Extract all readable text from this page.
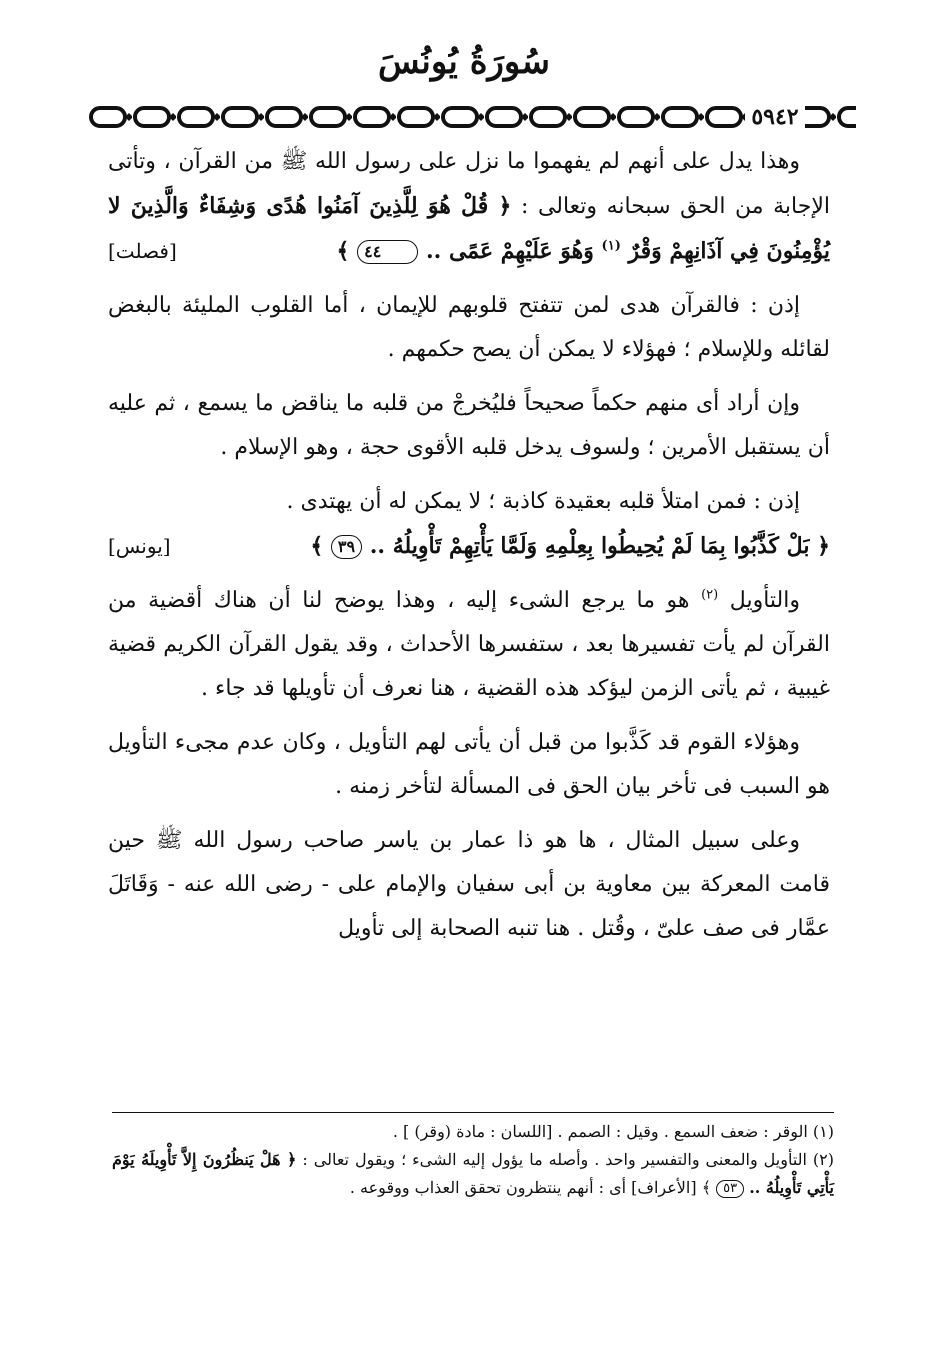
سُورَةُ يُونُسَ
٥٩٤٢

وهذا يدل على أنهم لم يفهموا ما نزل على رسول الله ﷺ من القرآن ، وتأتى الإجابة من الحق سبحانه وتعالى : ﴿ قُلْ هُوَ لِلَّذِينَ آمَنُوا هُدًى وَشِفَاءٌ وَالَّذِينَ لا يُؤْمِنُونَ فِي آذَانِهِمْ وَقْرٌ $^{(١)}$ وَهُوَ عَلَيْهِمْ عَمًى .. ٤٤ ﴾
[فصلت]

إذن : فالقرآن هدى لمن تتفتح قلوبهم للإيمان ، أما القلوب المليئة بالبغض لقائله وللإسلام ؛ فهؤلاء لا يمكن أن يصح حكمهم .

وإن أراد أى منهم حكماً صحيحاً فليُخرجْ من قلبه ما يناقض ما يسمع ، ثم عليه أن يستقبل الأمرين ؛ ولسوف يدخل قلبه الأقوى حجة ، وهو الإسلام .

إذن : فمن امتلأ قلبه بعقيدة كاذبة ؛ لا يمكن له أن يهتدى .

﴿ بَلْ كَذَّبُوا بِمَا لَمْ يُحِيطُوا بِعِلْمِهِ وَلَمَّا يَأْتِهِمْ تَأْوِيلُهُ .. ٣٩ ﴾
[يونس]

والتأويل $^{(٢)}$ هو ما يرجع الشىء إليه ، وهذا يوضح لنا أن هناك أقضية من القرآن لم يأت تفسيرها بعد ، ستفسرها الأحداث ، وقد يقول القرآن الكريم قضية غيبية ، ثم يأتى الزمن ليؤكد هذه القضية ، هنا نعرف أن تأويلها قد جاء .

وهؤلاء القوم قد كَذَّبوا من قبل أن يأتى لهم التأويل ، وكان عدم مجىء التأويل هو السبب فى تأخر بيان الحق فى المسألة لتأخر زمنه .

وعلى سبيل المثال ، ها هو ذا عمار بن ياسر صاحب رسول الله ﷺ حين قامت المعركة بين معاوية بن أبى سفيان والإمام على - رضى الله عنه - وَقَاتَلَ عمَّار فى صف علىّ ، وقُتل . هنا تنبه الصحابة إلى تأويل

(١) الوقر : ضعف السمع . وقيل : الصمم . [اللسان : مادة (وقر) ] .

(٢) التأويل والمعنى والتفسير واحد . وأصله ما يؤول إليه الشىء ؛ ويقول تعالى : ﴿ هَلْ يَنظُرُونَ إِلاَّ تَأْوِيلَهُ يَوْمَ يَأْتِي تَأْوِيلُهُ .. ٥٣ ﴾ [الأعراف] أى : أنهم ينتظرون تحقق العذاب ووقوعه .
